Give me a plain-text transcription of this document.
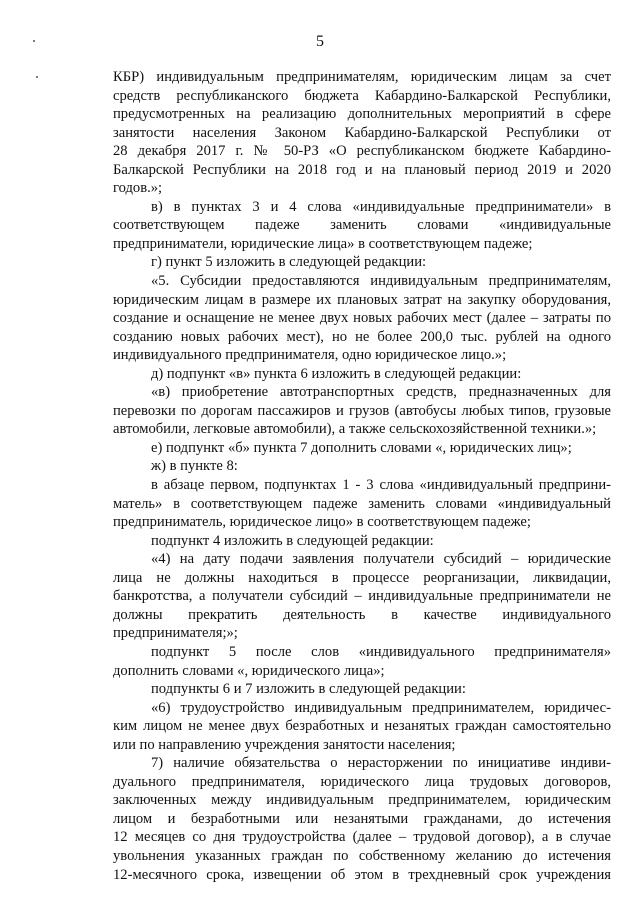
5
КБР) индивидуальным предпринимателям, юридическим лицам за счет
средств республиканского бюджета Кабардино-Балкарской Республики,
предусмотренных на реализацию дополнительных мероприятий в сфере
занятости населения Законом Кабардино-Балкарской Республики от
28 декабря 2017 г. № 50-РЗ «О республиканском бюджете Кабардино-
Балкарской Республики на 2018 год и на плановый период 2019 и 2020
годов.»;
в) в пунктах 3 и 4 слова «индивидуальные предприниматели» в
соответствующем падеже заменить словами «индивидуальные
предприниматели, юридические лица» в соответствующем падеже;
г) пункт 5 изложить в следующей редакции:
«5. Субсидии предоставляются индивидуальным предпринимателям,
юридическим лицам в размере их плановых затрат на закупку оборудования,
создание и оснащение не менее двух новых рабочих мест (далее – затраты по
созданию новых рабочих мест), но не более 200,0 тыс. рублей на одного
индивидуального предпринимателя, одно юридическое лицо.»;
д) подпункт «в» пункта 6 изложить в следующей редакции:
«в) приобретение автотранспортных средств, предназначенных для
перевозки по дорогам пассажиров и грузов (автобусы любых типов, грузовые
автомобили, легковые автомобили), а также сельскохозяйственной техники.»;
е) подпункт «б» пункта 7 дополнить словами «, юридических лиц»;
ж) в пункте 8:
в абзаце первом, подпунктах 1 - 3 слова «индивидуальный предприни-
матель» в соответствующем падеже заменить словами «индивидуальный
предприниматель, юридическое лицо» в соответствующем падеже;
подпункт 4 изложить в следующей редакции:
«4) на дату подачи заявления получатели субсидий – юридические
лица не должны находиться в процессе реорганизации, ликвидации,
банкротства, а получатели субсидий – индивидуальные предприниматели не
должны прекратить деятельность в качестве индивидуального
предпринимателя;»;
подпункт 5 после слов «индивидуального предпринимателя»
дополнить словами «, юридического лица»;
подпункты 6 и 7 изложить в следующей редакции:
«6) трудоустройство индивидуальным предпринимателем, юридичес-
ким лицом не менее двух безработных и незанятых граждан самостоятельно
или по направлению учреждения занятости населения;
7) наличие обязательства о нерасторжении по инициативе индиви-
дуального предпринимателя, юридического лица трудовых договоров,
заключенных между индивидуальным предпринимателем, юридическим
лицом и безработными или незанятыми гражданами, до истечения
12 месяцев со дня трудоустройства (далее – трудовой договор), а в случае
увольнения указанных граждан по собственному желанию до истечения
12-месячного срока, извещении об этом в трехдневный срок учреждения
